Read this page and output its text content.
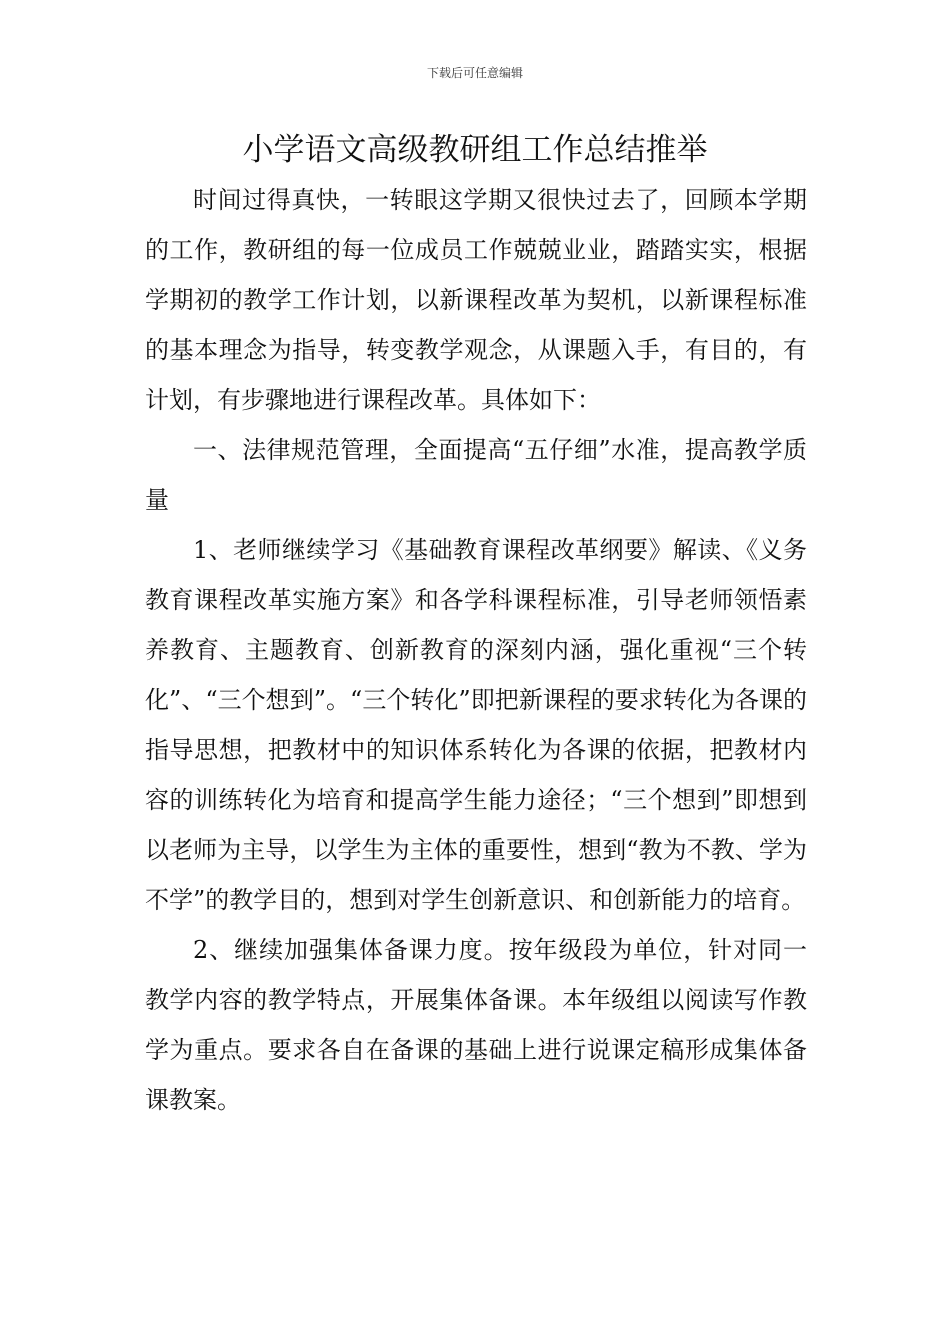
下载后可任意编辑
小学语文高级教研组工作总结推举

时间过得真快，一转眼这学期又很快过去了，回顾本学期的工作，教研组的每一位成员工作兢兢业业，踏踏实实，根据学期初的教学工作计划，以新课程改革为契机，以新课程标准的基本理念为指导，转变教学观念，从课题入手，有目的，有计划，有步骤地进行课程改革。具体如下：

一、法律规范管理，全面提高“五仔细”水准，提高教学质量

1、老师继续学习《基础教育课程改革纲要》解读、《义务教育课程改革实施方案》和各学科课程标准，引导老师领悟素养教育、主题教育、创新教育的深刻内涵，强化重视“三个转化”、“三个想到”。“三个转化”即把新课程的要求转化为各课的指导思想，把教材中的知识体系转化为各课的依据，把教材内容的训练转化为培育和提高学生能力途径；“三个想到”即想到以老师为主导，以学生为主体的重要性，想到“教为不教、学为不学”的教学目的，想到对学生创新意识、和创新能力的培育。

2、继续加强集体备课力度。按年级段为单位，针对同一教学内容的教学特点，开展集体备课。本年级组以阅读写作教学为重点。要求各自在备课的基础上进行说课定稿形成集体备课教案。
